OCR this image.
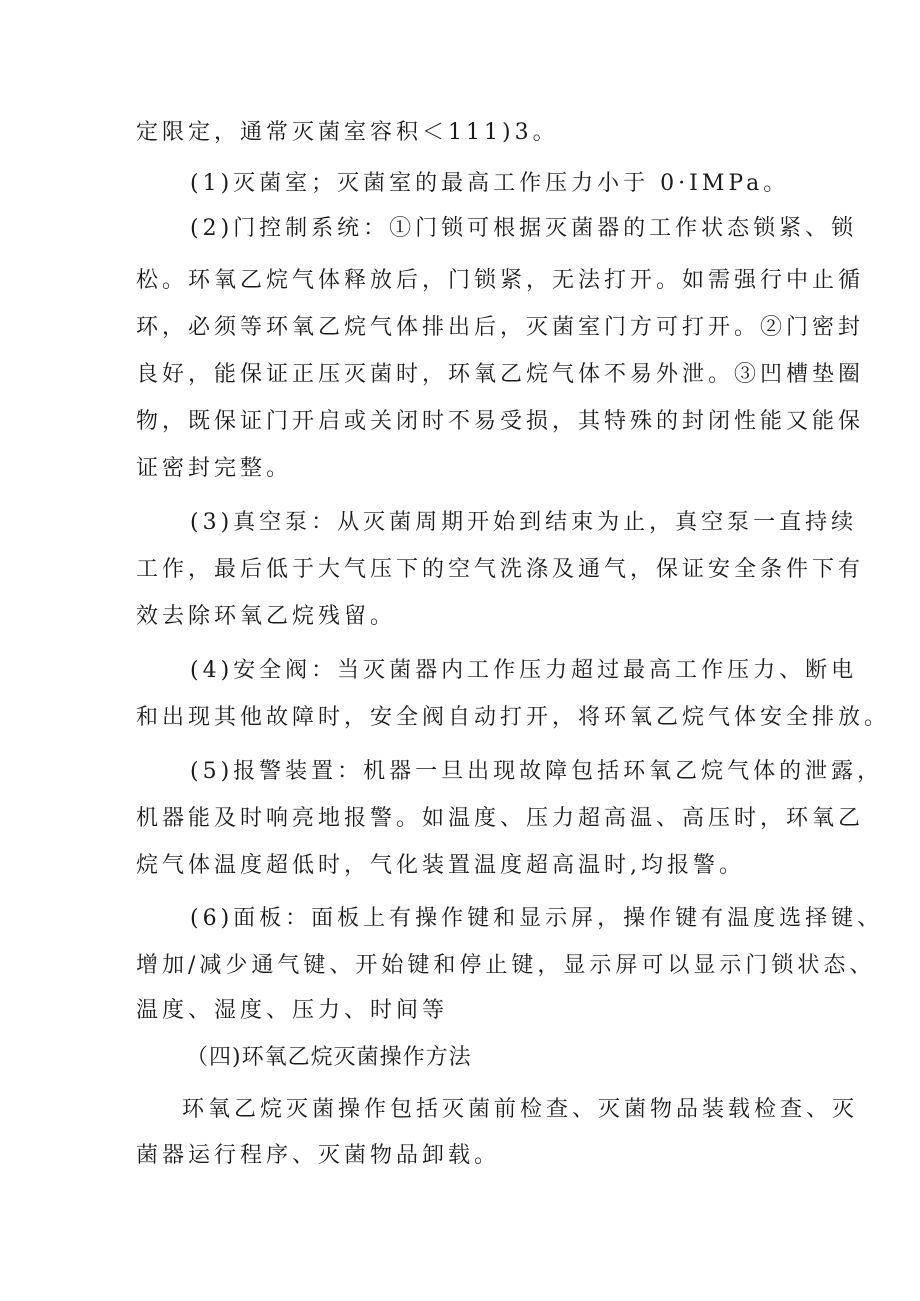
定限定，通常灭菌室容积＜111)3。
(1)灭菌室；灭菌室的最高工作压力小于 0·IMPa。
(2)门控制系统：①门锁可根据灭菌器的工作状态锁紧、锁
松。环氧乙烷气体释放后，门锁紧，无法打开。如需强行中止循
环，必须等环氧乙烷气体排出后，灭菌室门方可打开。②门密封
良好，能保证正压灭菌时，环氧乙烷气体不易外泄。③凹槽垫圈
物，既保证门开启或关闭时不易受损，其特殊的封闭性能又能保
证密封完整。
(3)真空泵：从灭菌周期开始到结束为止，真空泵一直持续
工作，最后低于大气压下的空气洗涤及通气，保证安全条件下有
效去除环氧乙烷残留。
(4)安全阀：当灭菌器内工作压力超过最高工作压力、断电
和出现其他故障时，安全阀自动打开，将环氧乙烷气体安全排放。
(5)报警装置：机器一旦出现故障包括环氧乙烷气体的泄露，
机器能及时响亮地报警。如温度、压力超高温、高压时，环氧乙
烷气体温度超低时，气化装置温度超高温时,均报警。
(6)面板：面板上有操作键和显示屏，操作键有温度选择键、
增加/减少通气键、开始键和停止键，显示屏可以显示门锁状态、
温度、湿度、压力、时间等
（四)环氧乙烷灭菌操作方法
环氧乙烷灭菌操作包括灭菌前检查、灭菌物品装载检查、灭
菌器运行程序、灭菌物品卸载。
